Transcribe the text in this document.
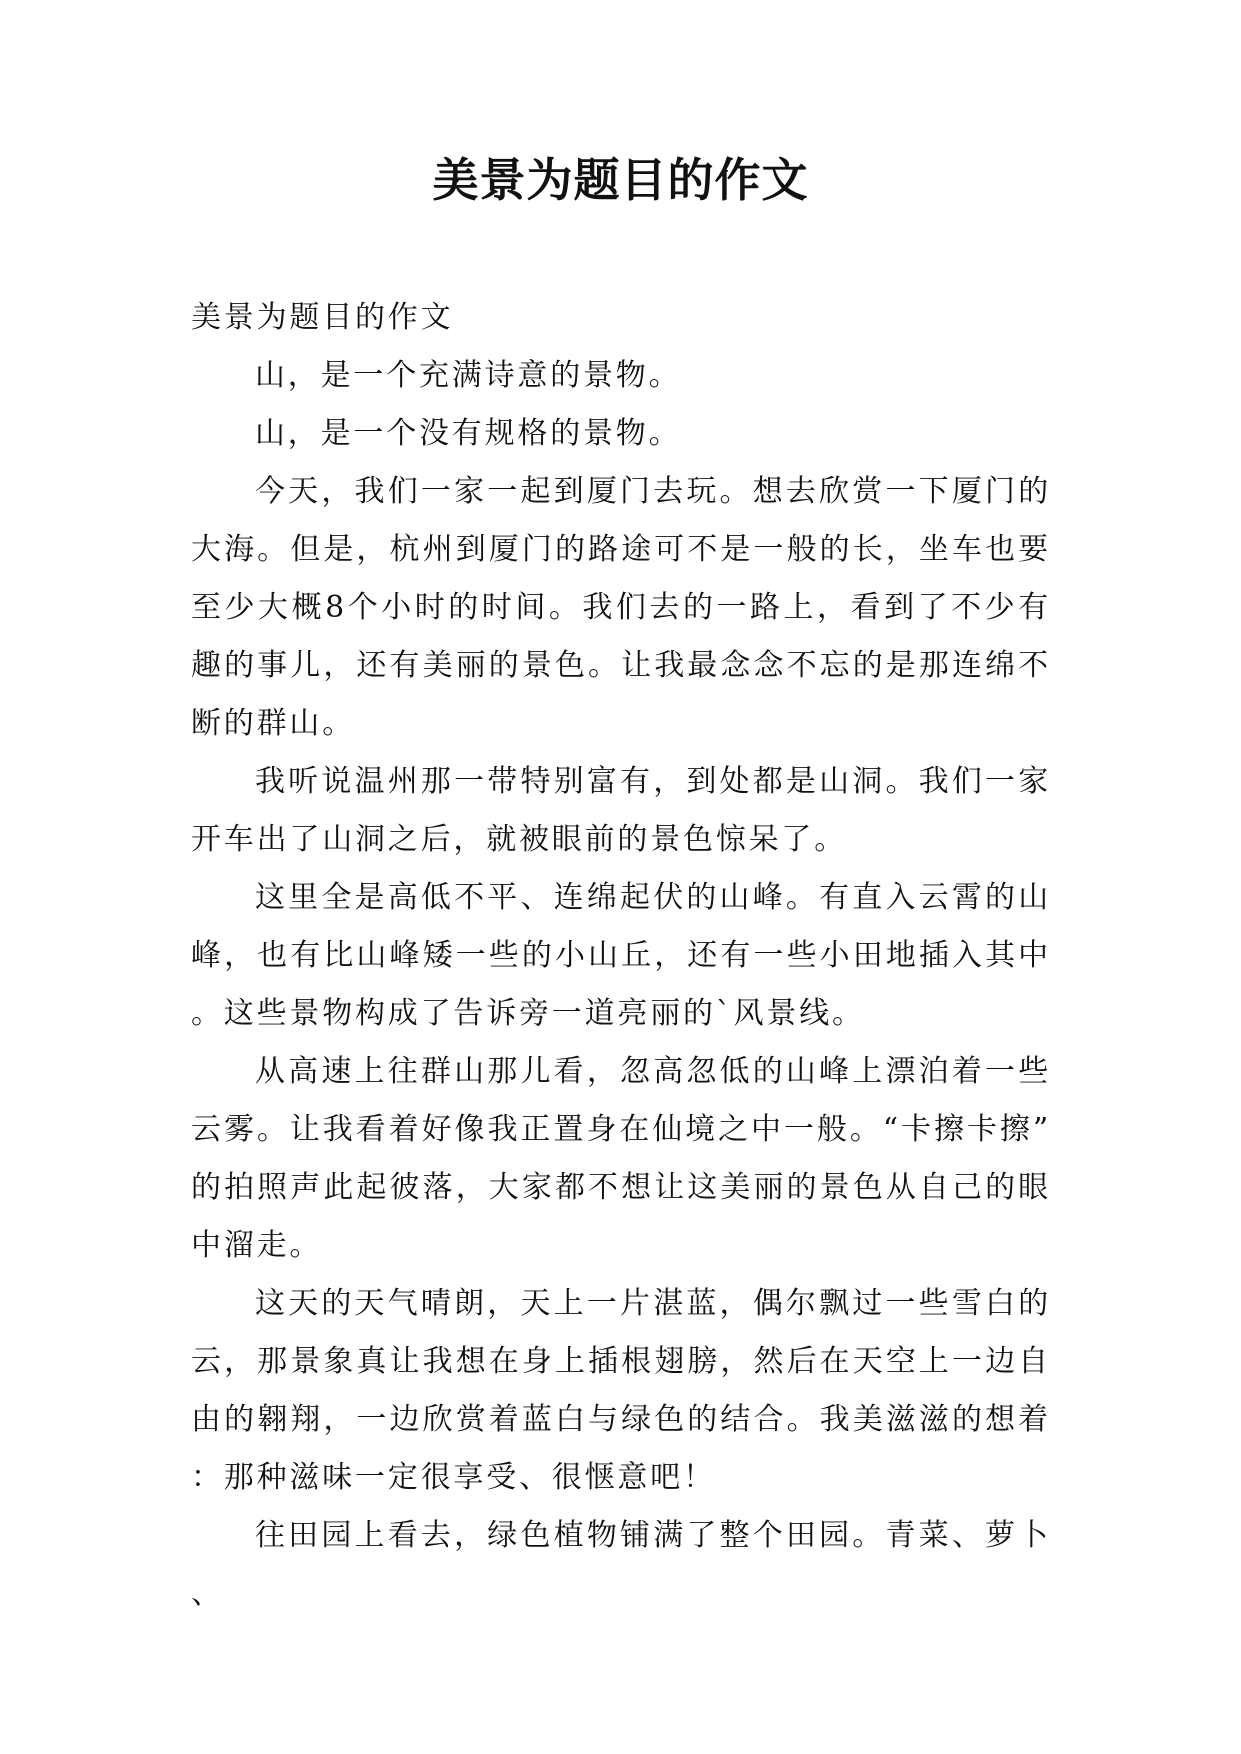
美景为题目的作文

美景为题目的作文

山，是一个充满诗意的景物。

山，是一个没有规格的景物。

今天，我们一家一起到厦门去玩。想去欣赏一下厦门的大海。但是，杭州到厦门的路途可不是一般的长，坐车也要至少大概8个小时的时间。我们去的一路上，看到了不少有趣的事儿，还有美丽的景色。让我最念念不忘的是那连绵不断的群山。

我听说温州那一带特别富有，到处都是山洞。我们一家开车出了山洞之后，就被眼前的景色惊呆了。

这里全是高低不平、连绵起伏的山峰。有直入云霄的山峰，也有比山峰矮一些的小山丘，还有一些小田地插入其中。这些景物构成了告诉旁一道亮丽的`风景线。

从高速上往群山那儿看，忽高忽低的山峰上漂泊着一些云雾。让我看着好像我正置身在仙境之中一般。“卡擦卡擦”的拍照声此起彼落，大家都不想让这美丽的景色从自己的眼中溜走。

这天的天气晴朗，天上一片湛蓝，偶尔飘过一些雪白的云，那景象真让我想在身上插根翅膀，然后在天空上一边自由的翱翔，一边欣赏着蓝白与绿色的结合。我美滋滋的想着：那种滋味一定很享受、很惬意吧！

往田园上看去，绿色植物铺满了整个田园。青菜、萝卜、
